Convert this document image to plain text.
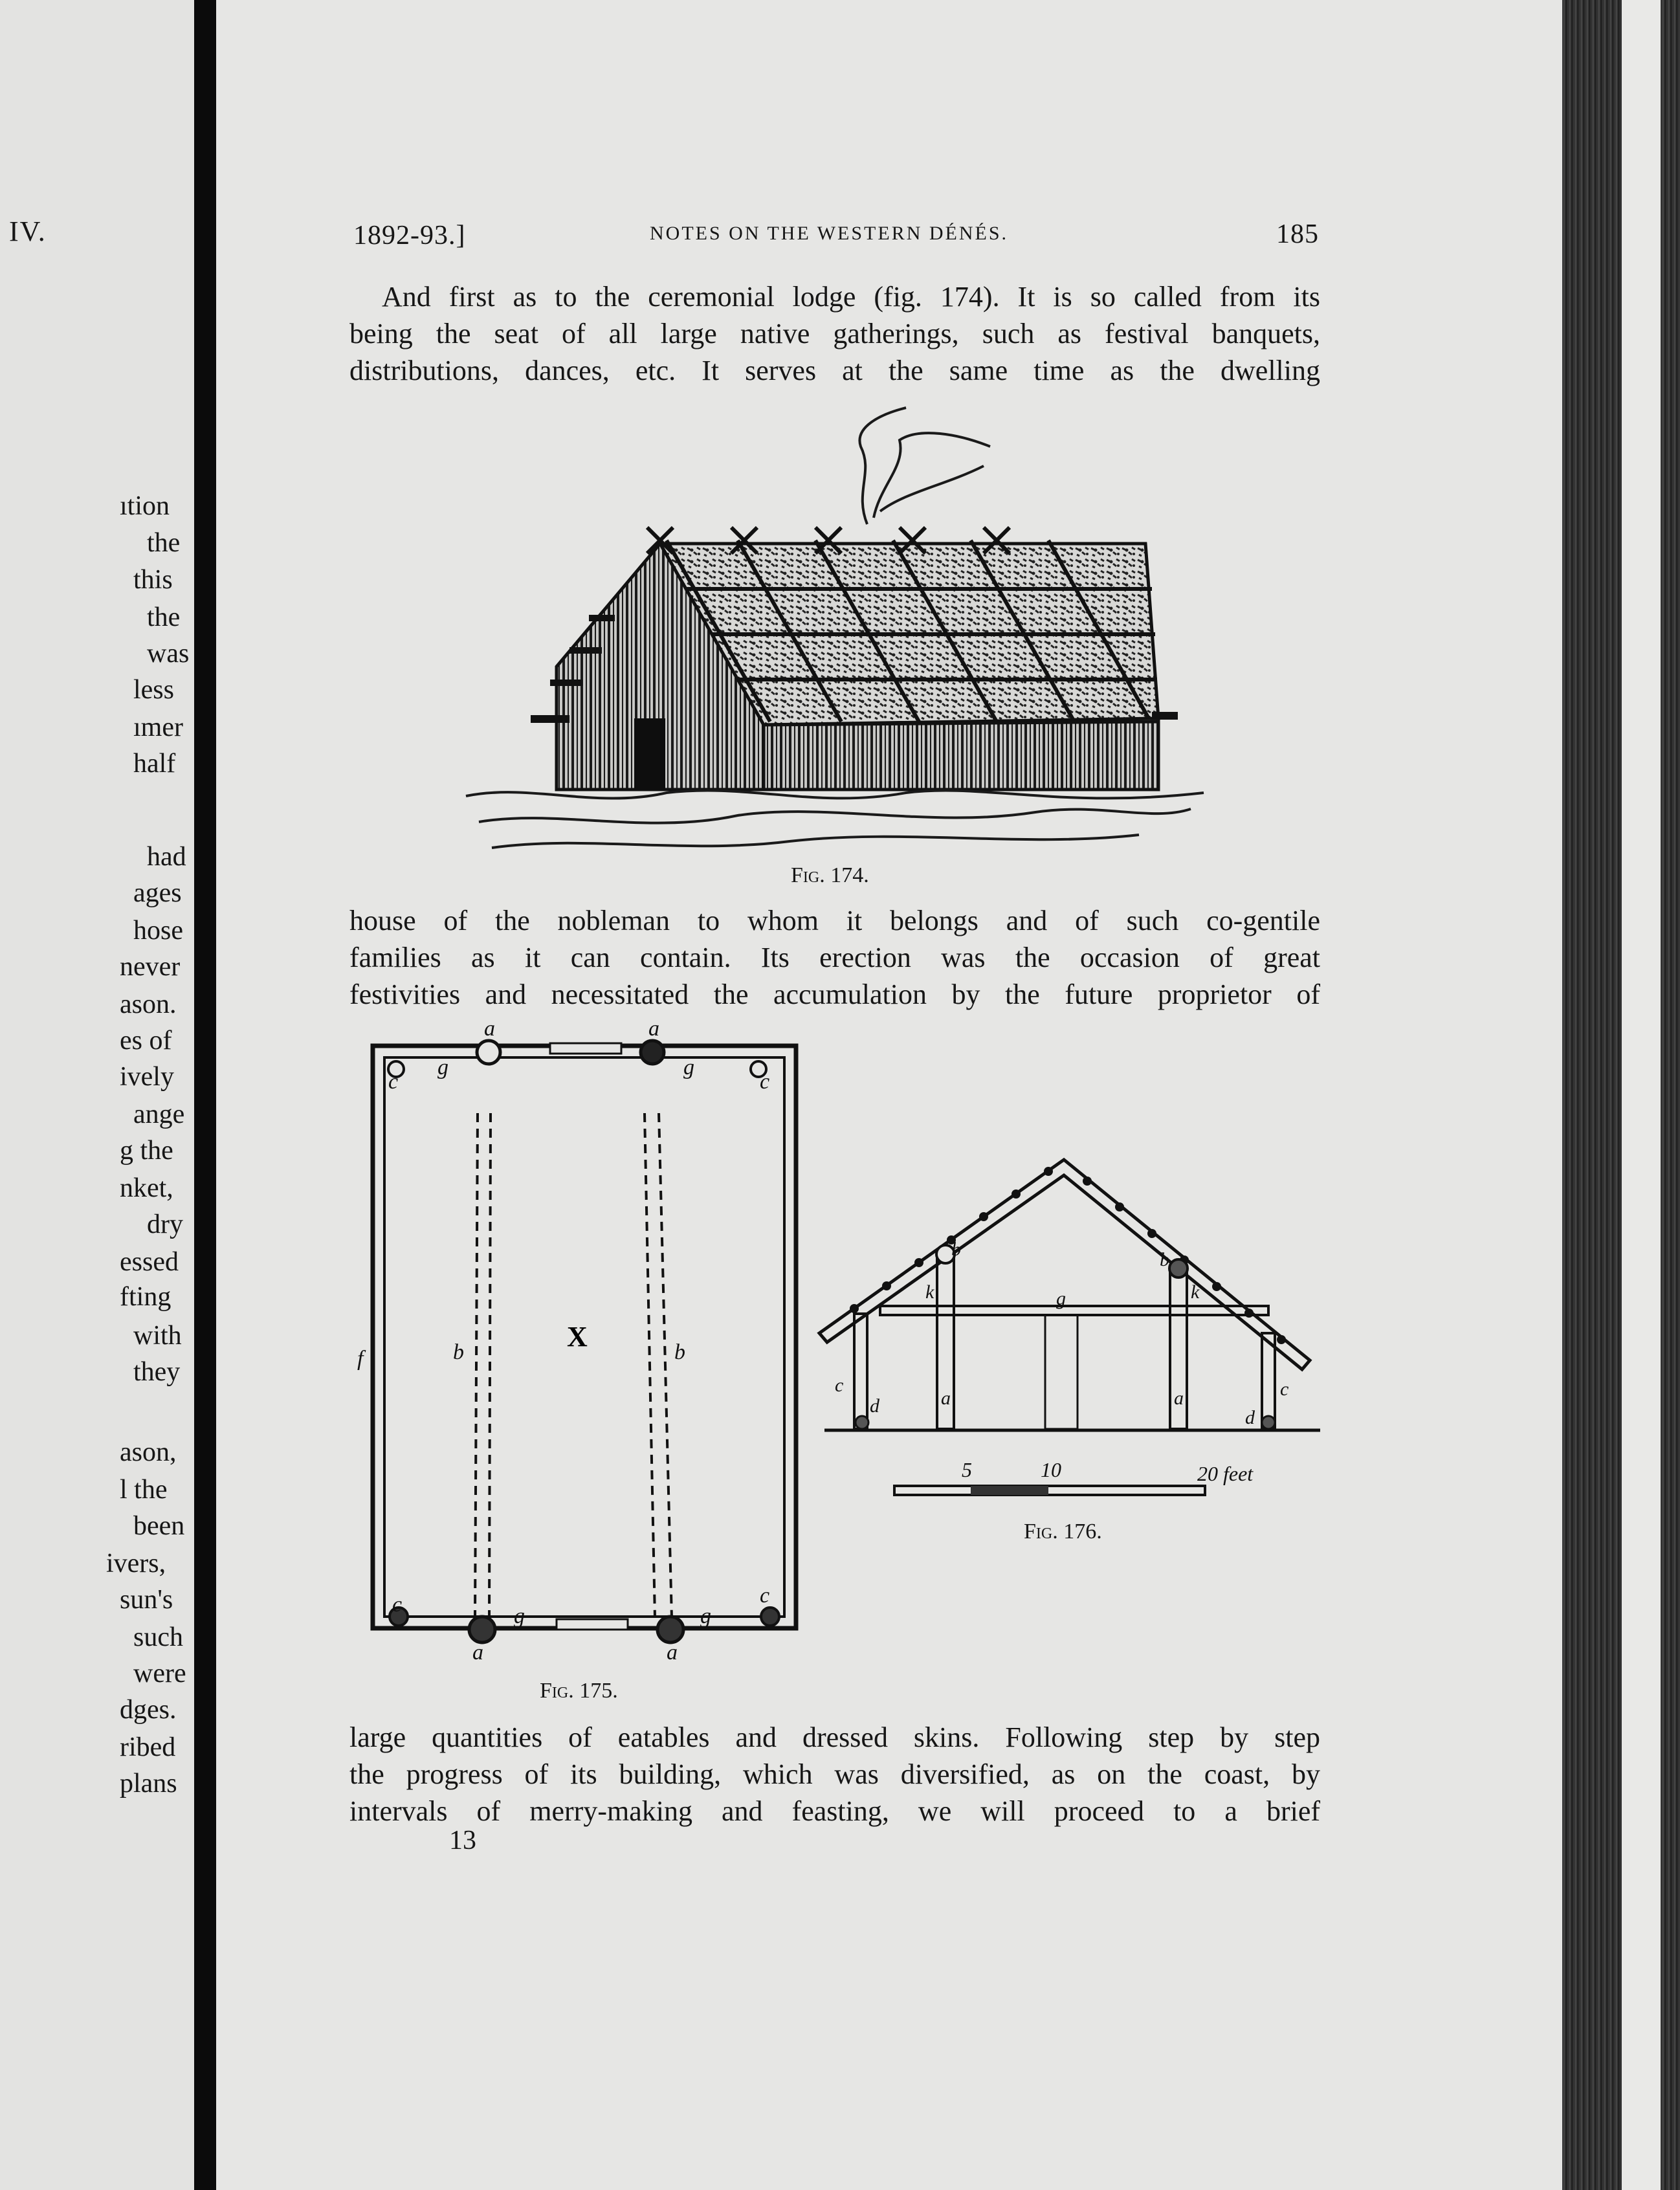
IV.
ıtion
the
this
the
was
less
ımer
half
had
ages
hose
never
ason.
es of
ively
ange
g the
nket,
dry
essed
fting
with
they
ason,
l the
been
ivers,
sun's
such
were
dges.
ribed
plans
1892-93.]	NOTES ON THE WESTERN DÉNÉS.	185
And first as to the ceremonial lodge (fig. 174). It is so called from its
being the seat of all large native gatherings, such as festival banquets,
distributions, dances, etc. It serves at the same time as the dwelling
Fig. 174.
house of the nobleman to whom it belongs and of such co-gentile
families as it can contain. Its erection was the occasion of great
festivities and necessitated the accumulation by the future proprietor of
X
a	a
a	a
b	b
c	c
c	c
g	g
g	g
f
Fig. 175.
b	b
k	k
g
a	a
c	c
d
d
5	10	20 feet
Fig. 176.
large quantities of eatables and dressed skins. Following step by step
the progress of its building, which was diversified, as on the coast, by
intervals of merry-making and feasting, we will proceed to a brief
13
